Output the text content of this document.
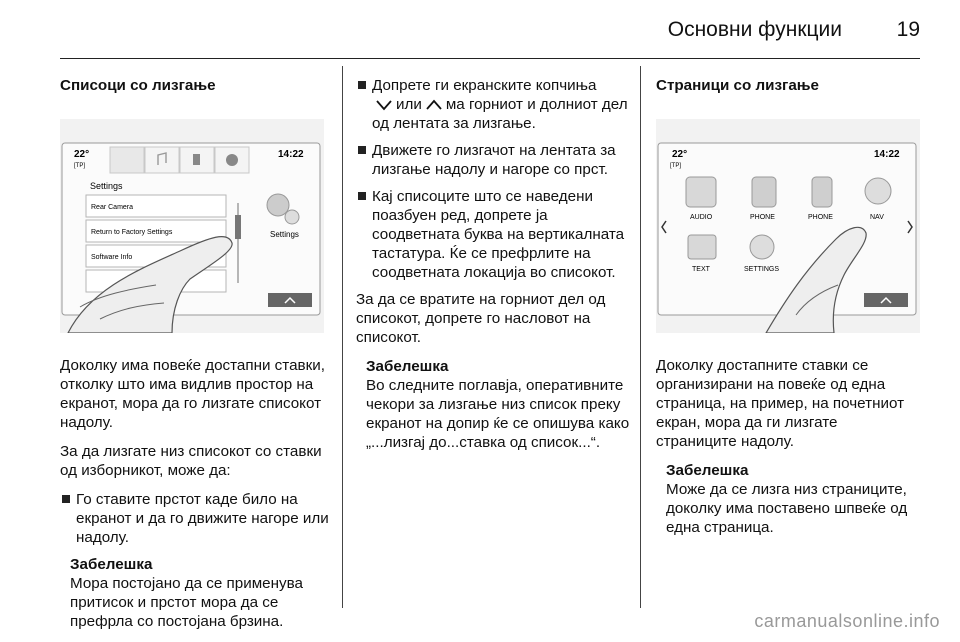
Основни функции	19
Списоци со лизгање
22°
[TP]
14:22
Settings
Rear Camera
Return to Factory Settings
Software Info
Settings

Доколку има повеќе достапни ставки, отколку што има видлив простор на екранот, мора да го лизгате списокот надолу.

За да лизгате низ списокот со ставки од изборникот, може да:

Го ставите прстот каде било на екранот и да го движите нагоре или надолу.
Забелешка
Мора постојано да се применува притисок и прстот мора да се префрла со постојана брзина.
Допрете ги екранските копчиња
или ма горниот и долниот дел од лентата за лизгање.
Движете го лизгачот на лентата за лизгање надолу и нагоре со прст.
Кај списоците што се наведени поазбуен ред, допрете ја соодветната буква на вертикалната тастатура. Ќе се префрлите на соодветната локација во списокот.

За да се вратите на горниот дел од списокот, допрете го насловот на списокот.

Забелешка
Во следните поглавја, оперативните чекори за лизгање низ список преку екранот на допир ќе се опишува како „...лизгај до...ставка од список...“.
Страници со лизгање
22°
[TP]
14:22
AUDIO	PHONE	PHONE	NAV
TEXT	SETTINGS

Доколку достапните ставки се организирани на повеќе од една страница, на пример, на почетниот екран, мора да ги лизгате страниците надолу.

Забелешка
Може да се лизга низ страниците, доколку има поставено шпвеќе од една страница.
carmanualsonline.info
